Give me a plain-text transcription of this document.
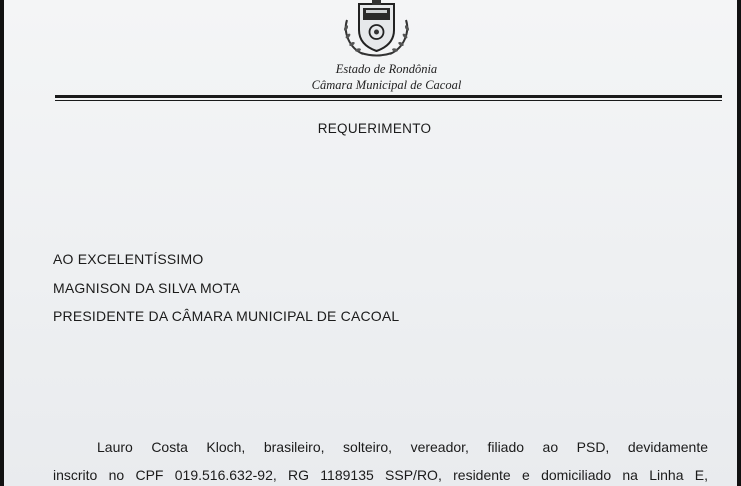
Estado de Rondônia
Câmara Municipal de Cacoal
REQUERIMENTO
AO EXCELENTÍSSIMO
MAGNISON DA SILVA MOTA
PRESIDENTE DA CÂMARA MUNICIPAL DE CACOAL
Lauro Costa Kloch, brasileiro, solteiro, vereador, filiado ao PSD, devidamente
inscrito no CPF 019.516.632-92, RG 1189135 SSP/RO, residente e domiciliado na Linha E,
